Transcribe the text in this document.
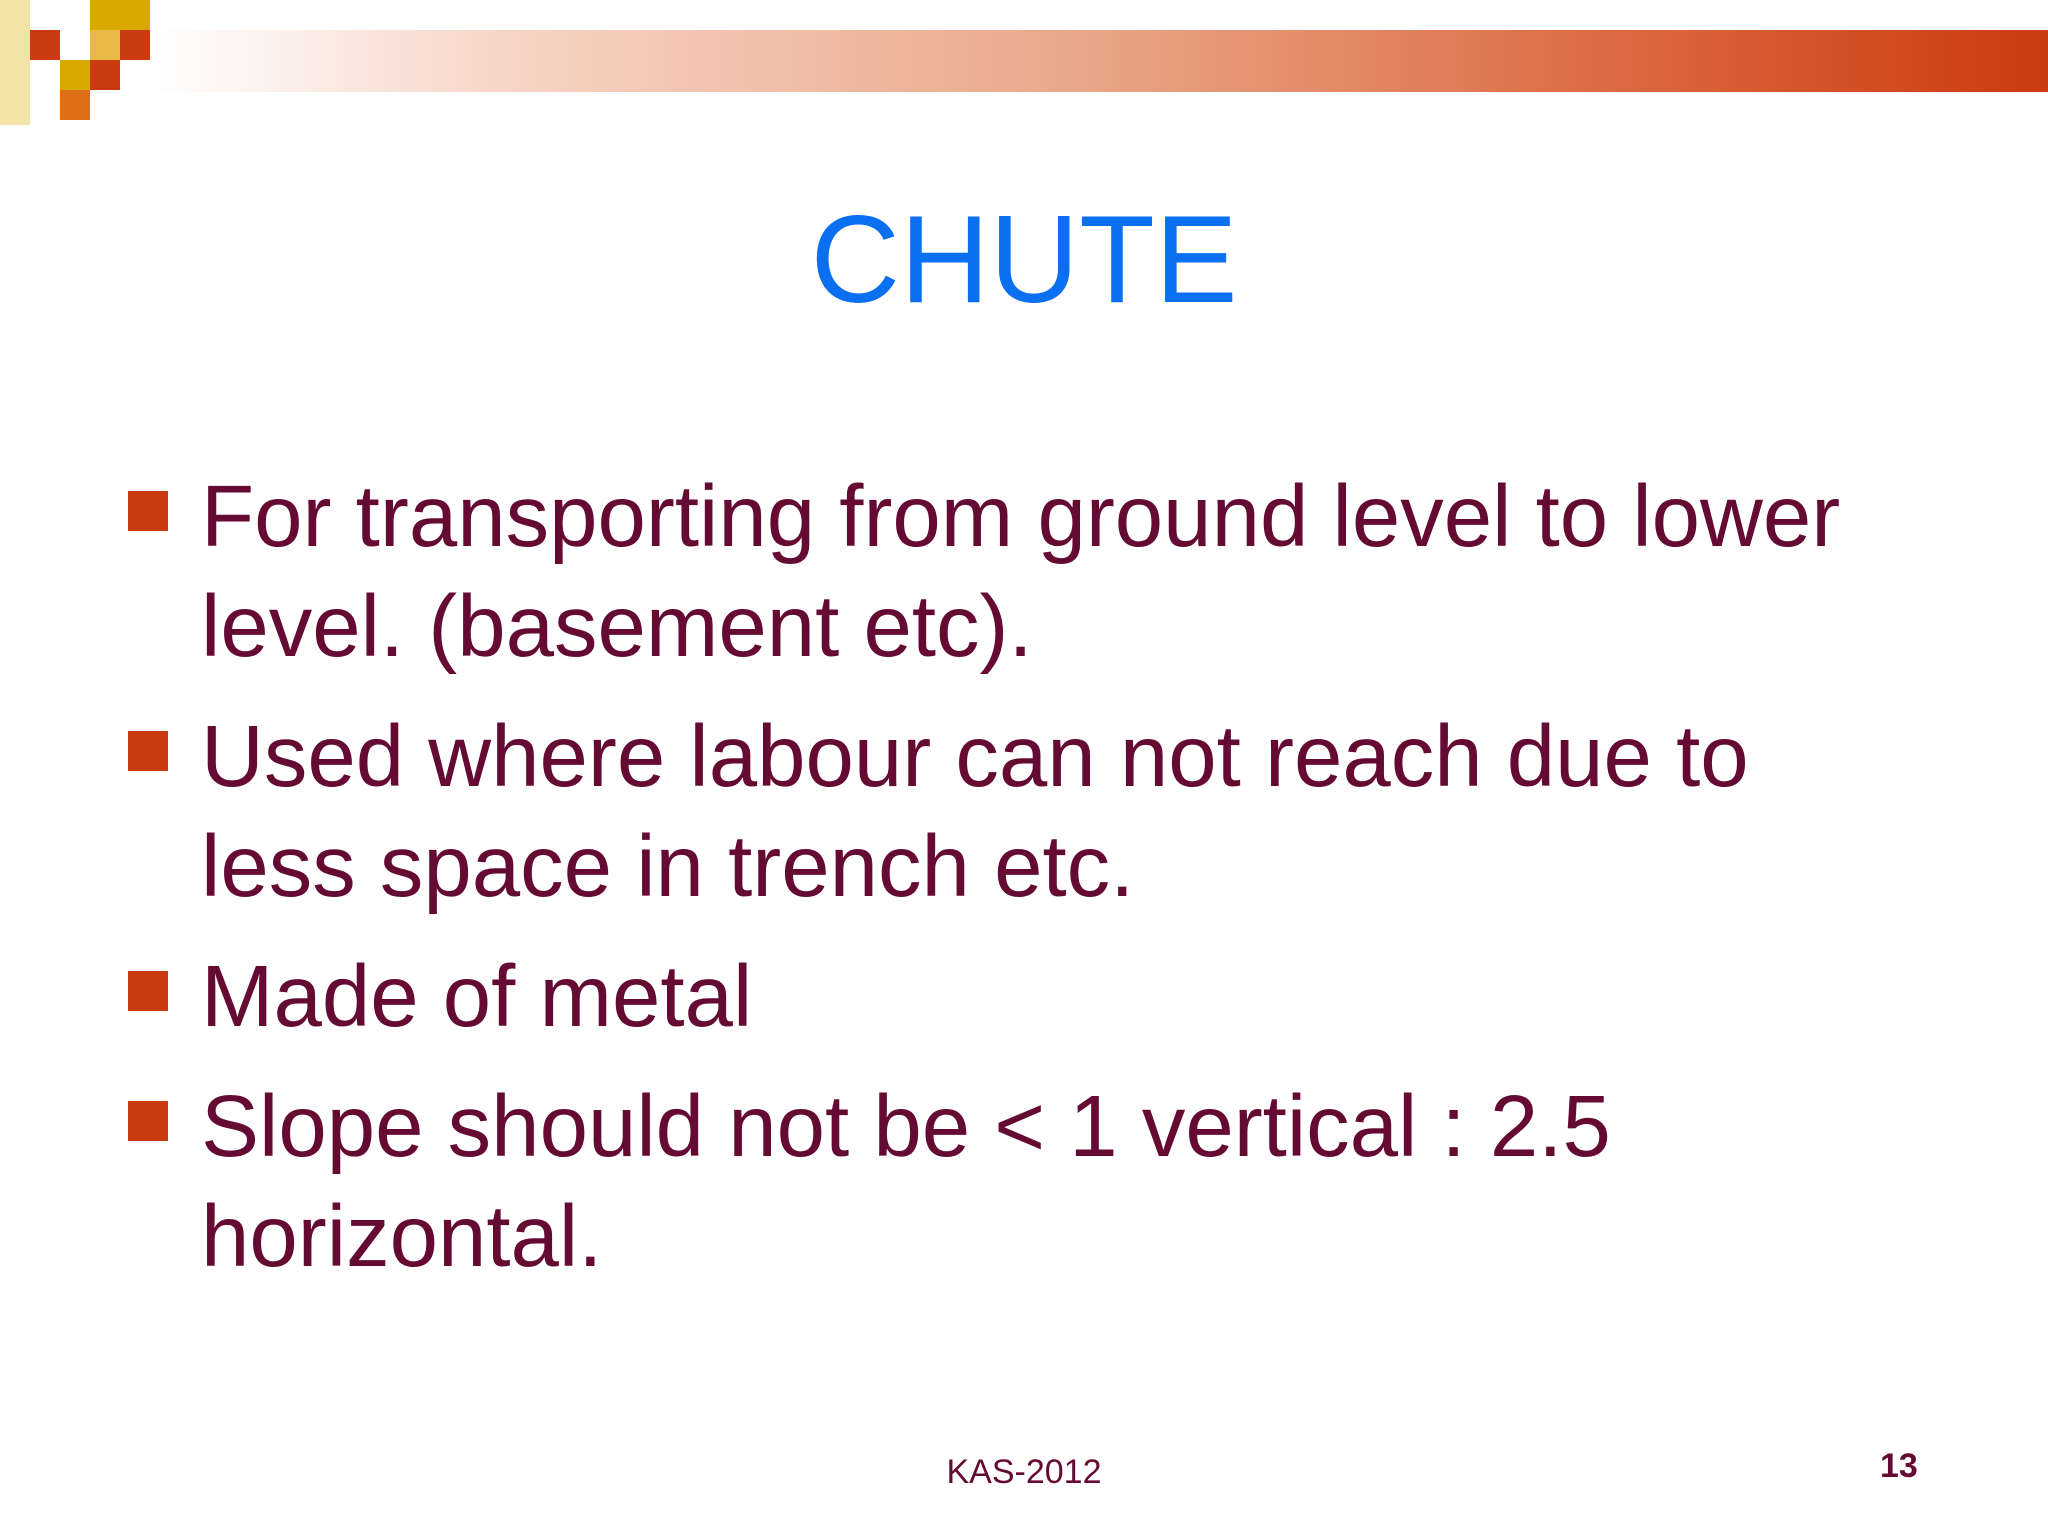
CHUTE
For transporting from ground level to lower
level. (basement etc).
Used where labour can not reach due to
less space in trench etc.
Made of metal
Slope should not be < 1 vertical : 2.5
horizontal.
KAS-2012	13
